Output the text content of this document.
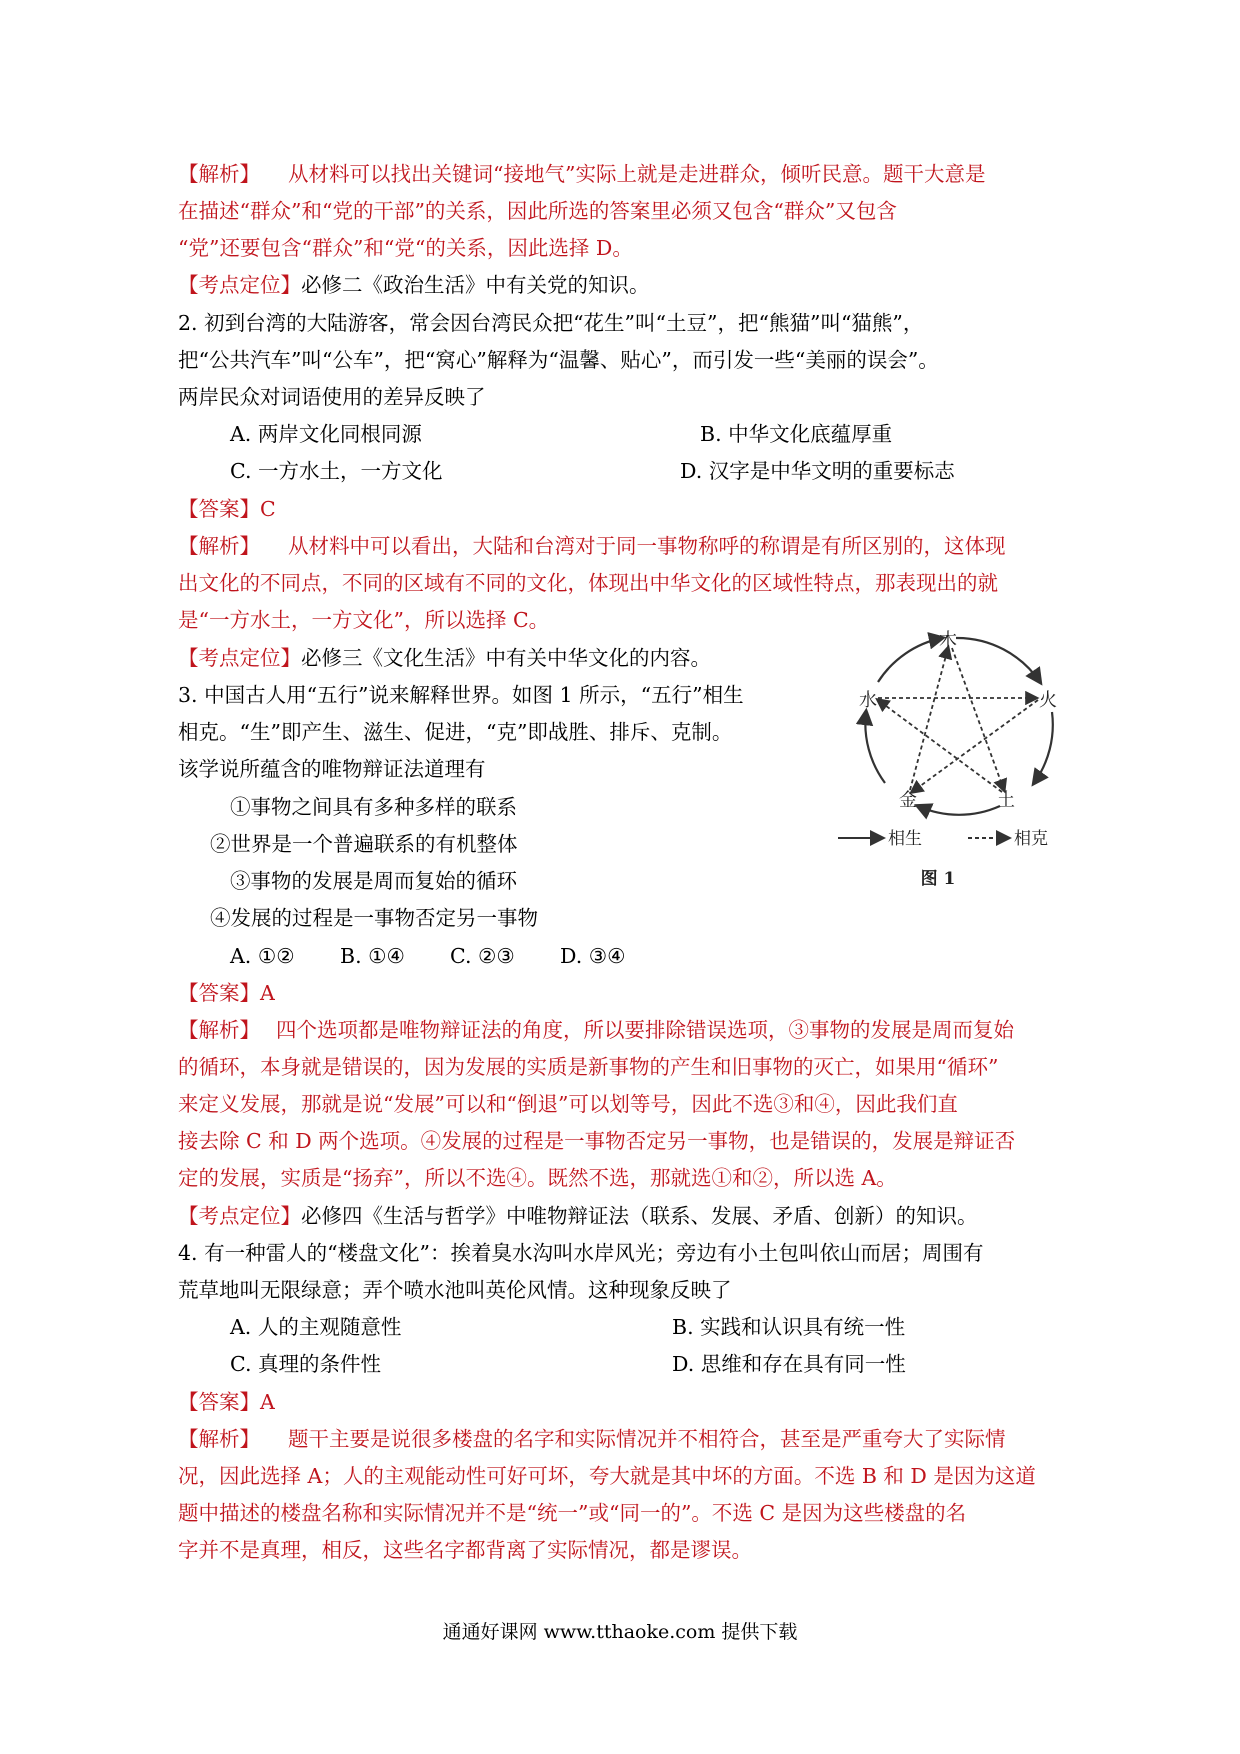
【解析】 从材料可以找出关键词“接地气”实际上就是走进群众，倾听民意。题干大意是
在描述“群众”和“党的干部”的关系，因此所选的答案里必须又包含“群众”又包含
“党”还要包含“群众”和“党“的关系，因此选择 D。
【考点定位】必修二《政治生活》中有关党的知识。
2. 初到台湾的大陆游客，常会因台湾民众把“花生”叫“土豆”，把“熊猫”叫“猫熊”，
把“公共汽车”叫“公车”，把“窝心”解释为“温馨、贴心”，而引发一些“美丽的误会”。
两岸民众对词语使用的差异反映了
A. 两岸文化同根同源	B. 中华文化底蕴厚重
C. 一方水土，一方文化	D. 汉字是中华文明的重要标志
【答案】C
【解析】 从材料中可以看出，大陆和台湾对于同一事物称呼的称谓是有所区别的，这体现
出文化的不同点，不同的区域有不同的文化，体现出中华文化的区域性特点，那表现出的就
是“一方水土，一方文化”，所以选择 C。
【考点定位】必修三《文化生活》中有关中华文化的内容。
3. 中国古人用“五行”说来解释世界。如图 1 所示，“五行”相生
相克。“生”即产生、滋生、促进，“克”即战胜、排斥、克制。
该学说所蕴含的唯物辩证法道理有
①事物之间具有多种多样的联系
②世界是一个普遍联系的有机整体
③事物的发展是周而复始的循环
④发展的过程是一事物否定另一事物
A. ①② B. ①④ C. ②③ D. ③④
【答案】A
【解析】 四个选项都是唯物辩证法的角度，所以要排除错误选项，③事物的发展是周而复始
的循环，本身就是错误的，因为发展的实质是新事物的产生和旧事物的灭亡，如果用“循环”
来定义发展，那就是说“发展”可以和“倒退”可以划等号，因此不选③和④，因此我们直
接去除 C 和 D 两个选项。④发展的过程是一事物否定另一事物，也是错误的，发展是辩证否
定的发展，实质是“扬弃”，所以不选④。既然不选，那就选①和②，所以选 A。
【考点定位】必修四《生活与哲学》中唯物辩证法（联系、发展、矛盾、创新）的知识。
木
火
土
金
水
相生	相克
图 1
4. 有一种雷人的“楼盘文化”：挨着臭水沟叫水岸风光；旁边有小土包叫依山而居；周围有
荒草地叫无限绿意；弄个喷水池叫英伦风情。这种现象反映了
A. 人的主观随意性	B. 实践和认识具有统一性
C. 真理的条件性	D. 思维和存在具有同一性
【答案】A
【解析】 题干主要是说很多楼盘的名字和实际情况并不相符合，甚至是严重夸大了实际情
况，因此选择 A；人的主观能动性可好可坏，夸大就是其中坏的方面。不选 B 和 D 是因为这道
题中描述的楼盘名称和实际情况并不是“统一”或“同一的”。不选 C 是因为这些楼盘的名
字并不是真理，相反，这些名字都背离了实际情况，都是谬误。
通通好课网 www.tthaoke.com 提供下载
